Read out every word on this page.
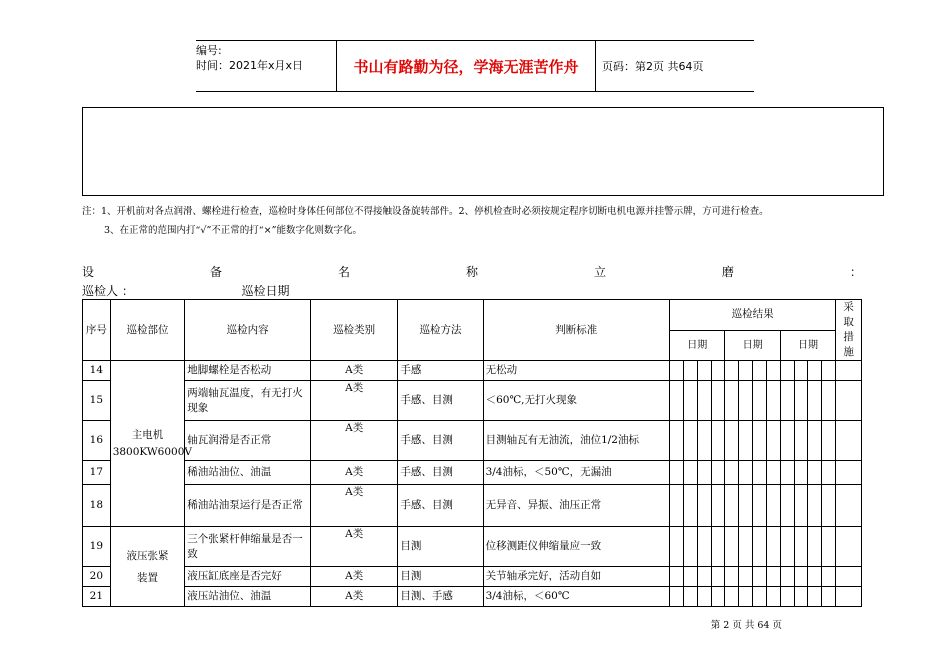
编号:
时间：2021年x月x日	书山有路勤为径，学海无涯苦作舟	页码：第2页 共64页
注：1、开机前对各点润滑、螺栓进行检查，巡检时身体任何部位不得接触设备旋转部件。2、停机检查时必须按规定程序切断电机电源并挂警示牌，方可进行检查。
3、在正常的范围内打“√”不正常的打“×”能数字化则数字化。
设	备	名	称	立	磨	：
巡检人 ：	巡检日期
序号	巡检部位	巡检内容	巡检类别	巡检方法	判断标准	巡检结果												采取措施
						日期				日期				日期				
14	主电机3800KW6000V	地脚螺栓是否松动	A类	手感	无松动													
15		两端轴瓦温度，有无打火现象	A类	手感、目测	＜60℃,无打火现象													
16		轴瓦润滑是否正常	A类	手感、目测	目测轴瓦有无油流，油位1/2油标													
17		稀油站油位、油温	A类	手感、目测	3/4油标，＜50℃，无漏油													
18		稀油站油泵运行是否正常	A类	手感、目测	无异音、异振、油压正常													
19	液压张紧装置	三个张紧杆伸缩量是否一致	A类	目测	位移测距仪伸缩量应一致													
20		液压缸底座是否完好	A类	目测	关节轴承完好，活动自如													
21		液压站油位、油温	A类	目测、手感	3/4油标，＜60℃													
第 2 页 共 64 页
